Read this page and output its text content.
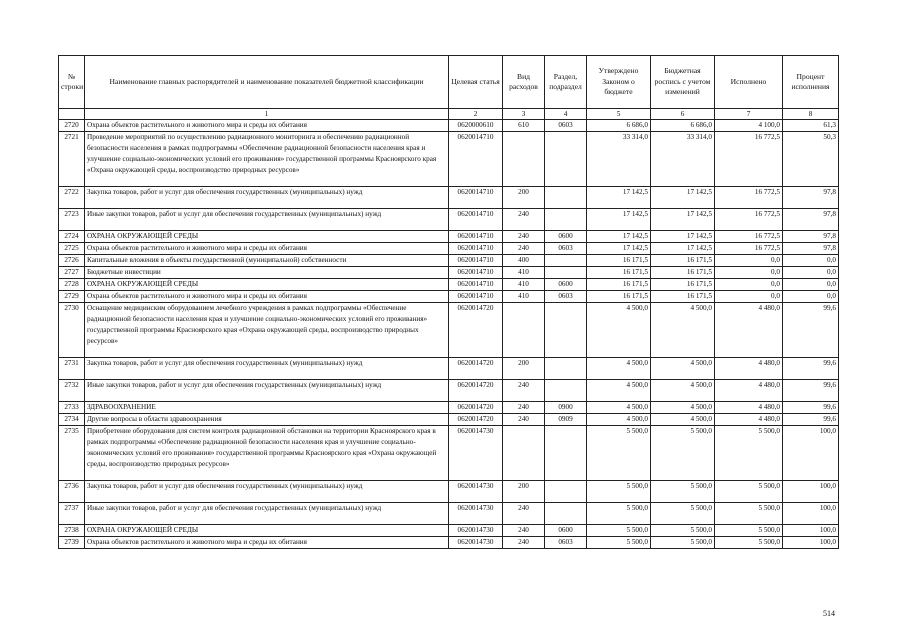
№ строки	Наименование главных распорядителей и наименование показателей бюджетной классификации	Целевая статья	Вид расходов	Раздел, подраздел	Утверждено Законом о бюджете	Бюджетная роспись с учетом изменений	Исполнено	Процент исполнения
	1	2	3	4	5	6	7	8
2720	Охрана объектов растительного и животного мира и среды их обитания	0620000610	610	0603	6 686,0	6 686,0	4 100,0	61,3
2721	Проведение мероприятий по осуществлению радиационного мониторинга и обеспечению радиационной безопасности населения в рамках подпрограммы «Обеспечение радиационной безопасности населения края и улучшение социально-экономических условий его проживания» государственной программы Красноярского края «Охрана окружающей среды, воспроизводство природных ресурсов»	0620014710			33 314,0	33 314,0	16 772,5	50,3
2722	Закупка товаров, работ и услуг для обеспечения государственных (муниципальных) нужд	0620014710	200		17 142,5	17 142,5	16 772,5	97,8
2723	Иные закупки товаров, работ и услуг для обеспечения государственных (муниципальных) нужд	0620014710	240		17 142,5	17 142,5	16 772,5	97,8
2724	ОХРАНА ОКРУЖАЮЩЕЙ СРЕДЫ	0620014710	240	0600	17 142,5	17 142,5	16 772,5	97,8
2725	Охрана объектов растительного и животного мира и среды их обитания	0620014710	240	0603	17 142,5	17 142,5	16 772,5	97,8
2726	Капитальные вложения в объекты государственной (муниципальной) собственности	0620014710	400		16 171,5	16 171,5	0,0	0,0
2727	Бюджетные инвестиции	0620014710	410		16 171,5	16 171,5	0,0	0,0
2728	ОХРАНА ОКРУЖАЮЩЕЙ СРЕДЫ	0620014710	410	0600	16 171,5	16 171,5	0,0	0,0
2729	Охрана объектов растительного и животного мира и среды их обитания	0620014710	410	0603	16 171,5	16 171,5	0,0	0,0
2730	Оснащение медицинским оборудованием лечебного учреждения в рамках подпрограммы «Обеспечение радиационной безопасности населения края и улучшение социально-экономических условий его проживания» государственной программы Красноярского края «Охрана окружающей среды, воспроизводство природных ресурсов»	0620014720			4 500,0	4 500,0	4 480,0	99,6
2731	Закупка товаров, работ и услуг для обеспечения государственных (муниципальных) нужд	0620014720	200		4 500,0	4 500,0	4 480,0	99,6
2732	Иные закупки товаров, работ и услуг для обеспечения государственных (муниципальных) нужд	0620014720	240		4 500,0	4 500,0	4 480,0	99,6
2733	ЗДРАВООХРАНЕНИЕ	0620014720	240	0900	4 500,0	4 500,0	4 480,0	99,6
2734	Другие вопросы в области здравоохранения	0620014720	240	0909	4 500,0	4 500,0	4 480,0	99,6
2735	Приобретение оборудования для систем контроля радиационной обстановки на территории Красноярского края в рамках подпрограммы «Обеспечение радиационной безопасности населения края и улучшение социально-экономических условий его проживания» государственной программы Красноярского края «Охрана окружающей среды, воспроизводство природных ресурсов»	0620014730			5 500,0	5 500,0	5 500,0	100,0
2736	Закупка товаров, работ и услуг для обеспечения государственных (муниципальных) нужд	0620014730	200		5 500,0	5 500,0	5 500,0	100,0
2737	Иные закупки товаров, работ и услуг для обеспечения государственных (муниципальных) нужд	0620014730	240		5 500,0	5 500,0	5 500,0	100,0
2738	ОХРАНА ОКРУЖАЮЩЕЙ СРЕДЫ	0620014730	240	0600	5 500,0	5 500,0	5 500,0	100,0
2739	Охрана объектов растительного и животного мира и среды их обитания	0620014730	240	0603	5 500,0	5 500,0	5 500,0	100,0
514
